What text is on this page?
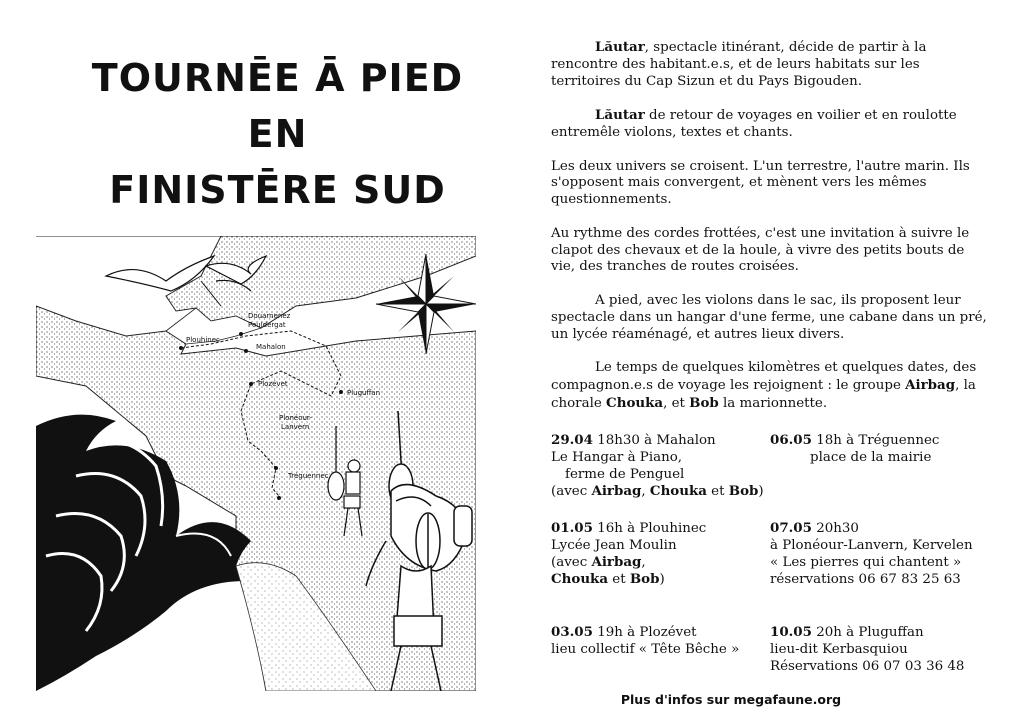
TOURNĒE Ā PIED
EN
FINISTĒRE SUD
Douarnenez
Pouldergat
Plouhinec
Mahalon
Plozévet
Pluguffan
Plonéour-
Lanvern
Tréguennec

Lăutar, spectacle itinérant, décide de partir à la rencontre des habitant.e.s, et de leurs habitats sur les territoires du Cap Sizun et du Pays Bigouden.

Lăutar de retour de voyages en voilier et en roulotte entremêle violons, textes et chants.

Les deux univers se croisent. L'un terrestre, l'autre marin. Ils s'opposent mais convergent, et mènent vers les mêmes questionnements.

Au rythme des cordes frottées, c'est une invitation à suivre le clapot des chevaux et de la houle, à vivre des petits bouts de vie, des tranches de routes croisées.

A pied, avec les violons dans le sac, ils proposent leur spectacle dans un hangar d'une ferme, une cabane dans un pré, un lycée réaménagé, et autres lieux divers.

Le temps de quelques kilomètres et quelques dates, des compagnon.e.s de voyage les rejoignent : le groupe Airbag, la chorale Chouka, et Bob la marionnette.

29.04 18h30 à Mahalon
Le Hangar à Piano,
ferme de Penguel
(avec Airbag, Chouka et Bob)
06.05 18h à Tréguennec
place de la mairie
01.05 16h à Plouhinec
Lycée Jean Moulin
(avec Airbag,
Chouka et Bob)
07.05 20h30
à Plonéour-Lanvern, Kervelen
« Les pierres qui chantent »
réservations 06 67 83 25 63
03.05 19h à Plozévet
lieu collectif « Tête Bêche »
10.05 20h à Pluguffan
lieu-dit Kerbasquiou
Réservations 06 07 03 36 48
Plus d'infos sur megafaune.org
